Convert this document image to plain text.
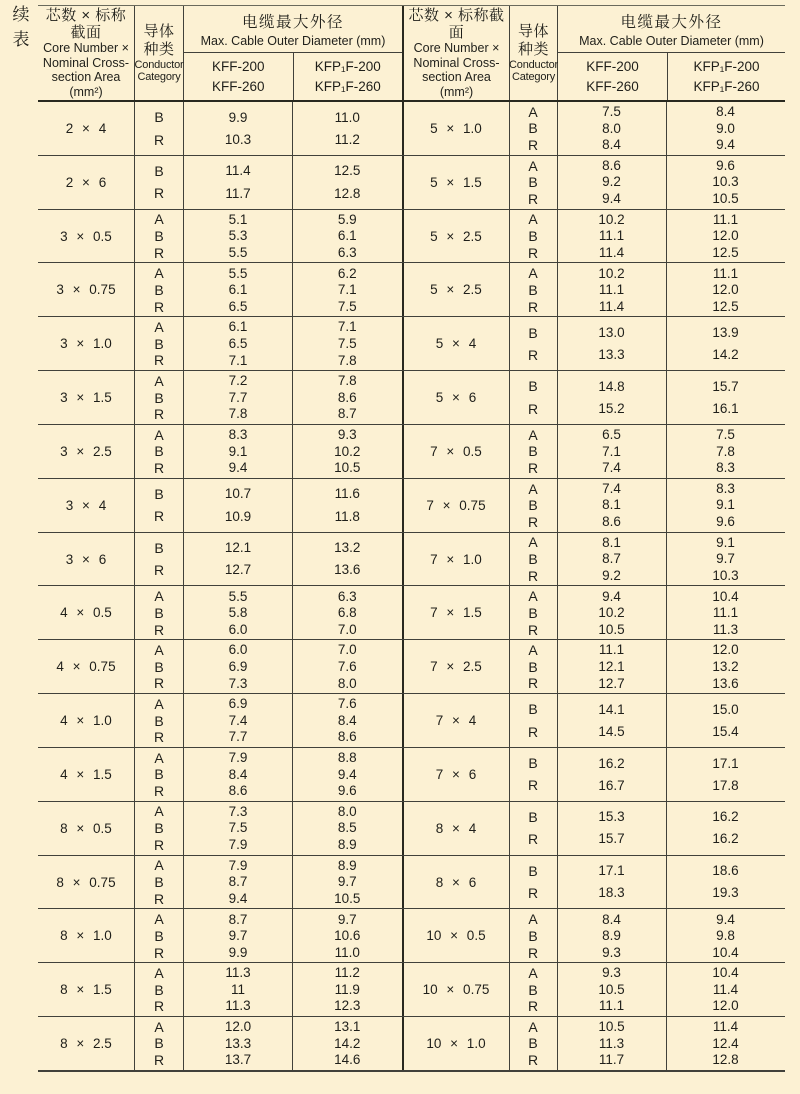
续
表
芯数 × 标称截面
Core Number ×
Nominal Cross-
section Area
(mm²)
导体种类
Conductor
Category
电缆最大外径
Max. Cable Outer Diameter (mm)
KFF-200
KFF-260
KFP₁F-200
KFP₁F-260
芯数 × 标称截面
Core Number ×
Nominal Cross-
section Area
(mm²)
导体种类
Conductor
Category
电缆最大外径
Max. Cable Outer Diameter (mm)
KFF-200
KFF-260
KFP₁F-200
KFP₁F-260
2 × 4
B
R
9.9
10.3
11.0
11.2
5 × 1.0
A
B
R
7.5
8.0
8.4
8.4
9.0
9.4
2 × 6
B
R
11.4
11.7
12.5
12.8
5 × 1.5
A
B
R
8.6
9.2
9.4
9.6
10.3
10.5
3 × 0.5
A
B
R
5.1
5.3
5.5
5.9
6.1
6.3
5 × 2.5
A
B
R
10.2
11.1
11.4
11.1
12.0
12.5
3 × 0.75
A
B
R
5.5
6.1
6.5
6.2
7.1
7.5
5 × 2.5
A
B
R
10.2
11.1
11.4
11.1
12.0
12.5
3 × 1.0
A
B
R
6.1
6.5
7.1
7.1
7.5
7.8
5 × 4
B
R
13.0
13.3
13.9
14.2
3 × 1.5
A
B
R
7.2
7.7
7.8
7.8
8.6
8.7
5 × 6
B
R
14.8
15.2
15.7
16.1
3 × 2.5
A
B
R
8.3
9.1
9.4
9.3
10.2
10.5
7 × 0.5
A
B
R
6.5
7.1
7.4
7.5
7.8
8.3
3 × 4
B
R
10.7
10.9
11.6
11.8
7 × 0.75
A
B
R
7.4
8.1
8.6
8.3
9.1
9.6
3 × 6
B
R
12.1
12.7
13.2
13.6
7 × 1.0
A
B
R
8.1
8.7
9.2
9.1
9.7
10.3
4 × 0.5
A
B
R
5.5
5.8
6.0
6.3
6.8
7.0
7 × 1.5
A
B
R
9.4
10.2
10.5
10.4
11.1
11.3
4 × 0.75
A
B
R
6.0
6.9
7.3
7.0
7.6
8.0
7 × 2.5
A
B
R
11.1
12.1
12.7
12.0
13.2
13.6
4 × 1.0
A
B
R
6.9
7.4
7.7
7.6
8.4
8.6
7 × 4
B
R
14.1
14.5
15.0
15.4
4 × 1.5
A
B
R
7.9
8.4
8.6
8.8
9.4
9.6
7 × 6
B
R
16.2
16.7
17.1
17.8
8 × 0.5
A
B
R
7.3
7.5
7.9
8.0
8.5
8.9
8 × 4
B
R
15.3
15.7
16.2
16.2
8 × 0.75
A
B
R
7.9
8.7
9.4
8.9
9.7
10.5
8 × 6
B
R
17.1
18.3
18.6
19.3
8 × 1.0
A
B
R
8.7
9.7
9.9
9.7
10.6
11.0
10 × 0.5
A
B
R
8.4
8.9
9.3
9.4
9.8
10.4
8 × 1.5
A
B
R
11.3
11
11.3
11.2
11.9
12.3
10 × 0.75
A
B
R
9.3
10.5
11.1
10.4
11.4
12.0
8 × 2.5
A
B
R
12.0
13.3
13.7
13.1
14.2
14.6
10 × 1.0
A
B
R
10.5
11.3
11.7
11.4
12.4
12.8
